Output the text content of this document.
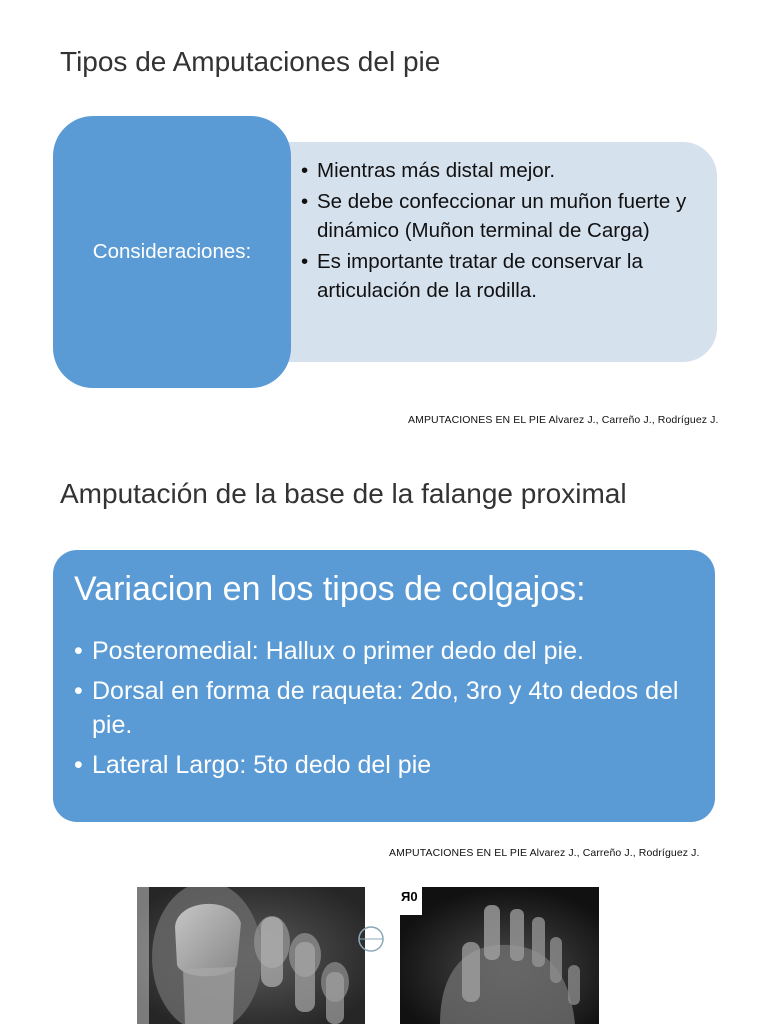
Tipos de Amputaciones del pie
• Mientras más distal mejor.
• Se debe confeccionar un muñon fuerte y dinámico (Muñon terminal de Carga)
• Es importante tratar de conservar la articulación de la rodilla.
Consideraciones:
AMPUTACIONES EN EL PIE Alvarez J., Carreño J., Rodríguez J.
Amputación de la base de la falange proximal
Variacion en los tipos de colgajos:
• Posteromedial: Hallux o primer dedo del pie.
• Dorsal en forma de raqueta: 2do, 3ro y 4to dedos del pie.
• Lateral Largo: 5to dedo del pie
AMPUTACIONES EN EL PIE Alvarez J., Carreño J., Rodríguez J.
Я0
